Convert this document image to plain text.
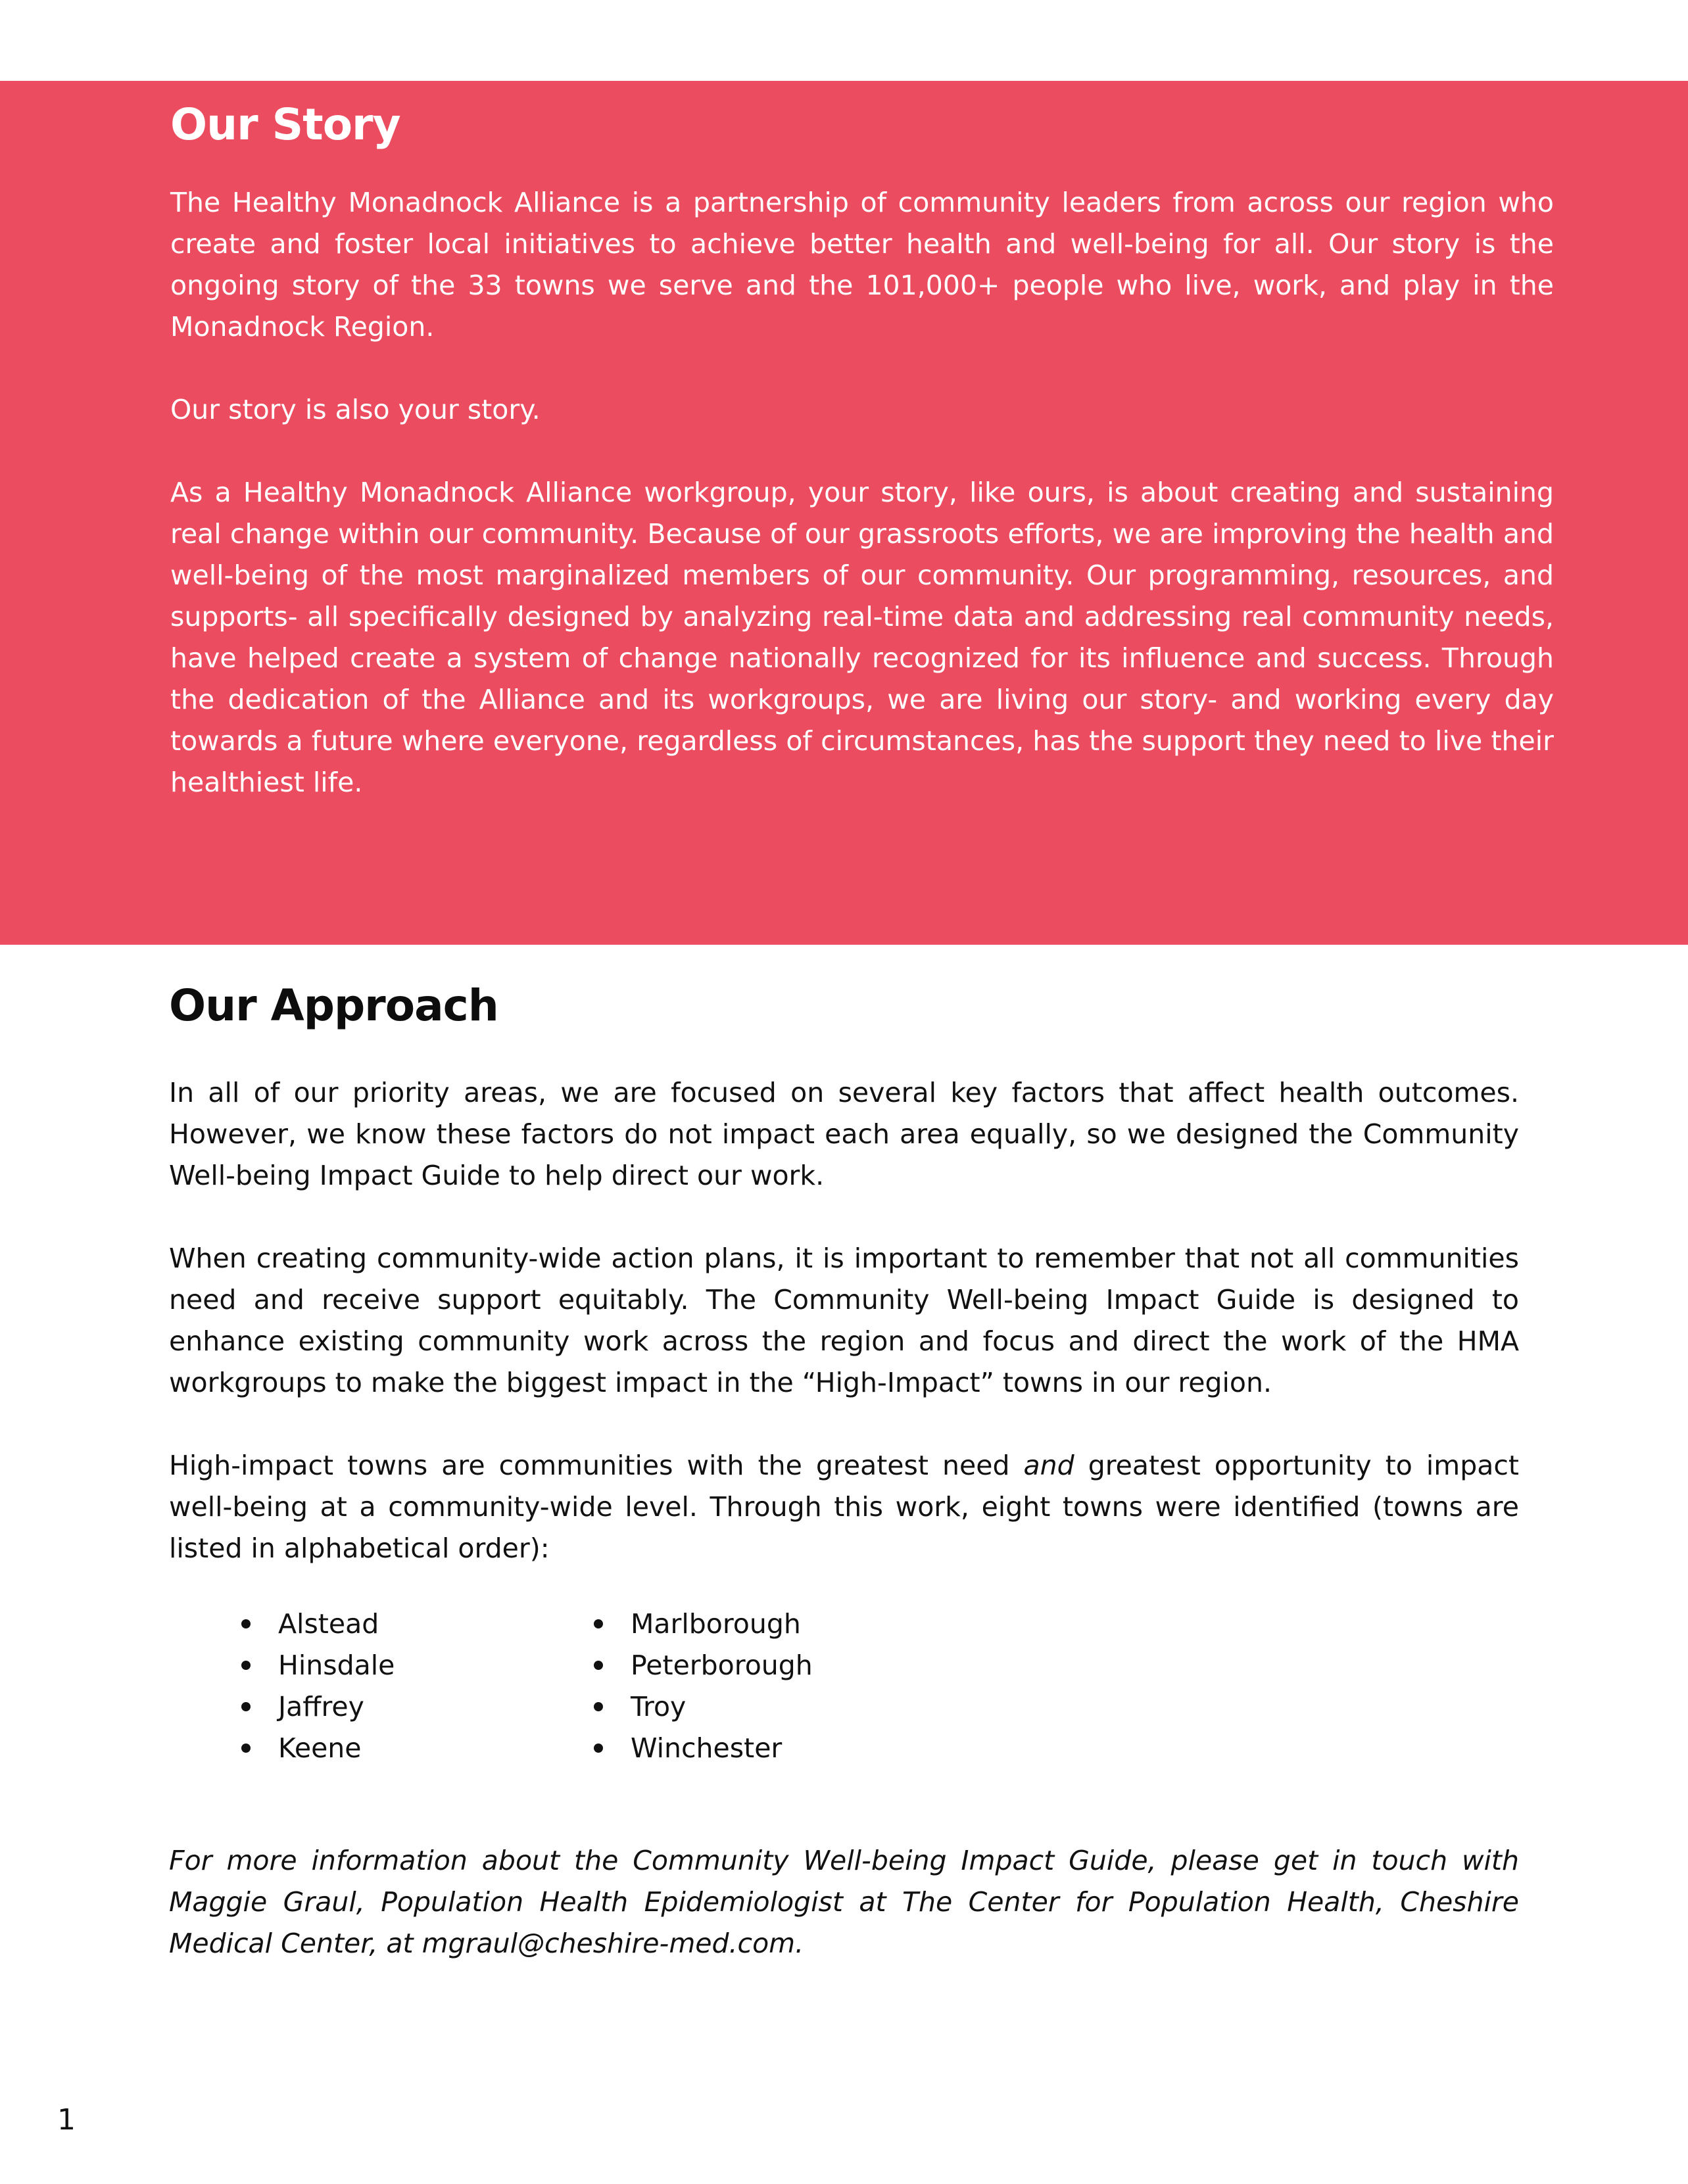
Our Story

The Healthy Monadnock Alliance is a partnership of community leaders from across our region who create and foster local initiatives to achieve better health and well-being for all. Our story is the ongoing story of the 33 towns we serve and the 101,000+ people who live, work, and play in the Monadnock Region.

Our story is also your story.

As a Healthy Monadnock Alliance workgroup, your story, like ours, is about creating and sustaining real change within our community. Because of our grassroots efforts, we are improving the health and well-being of the most marginalized members of our community. Our programming, resources, and supports- all specifically designed by analyzing real-time data and addressing real community needs, have helped create a system of change nationally recognized for its influence and success. Through the dedication of the Alliance and its workgroups, we are living our story- and working every day towards a future where everyone, regardless of circumstances, has the support they need to live their healthiest life.

Our Approach

In all of our priority areas, we are focused on several key factors that affect health outcomes. However, we know these factors do not impact each area equally, so we designed the Community Well-being Impact Guide to help direct our work.

When creating community-wide action plans, it is important to remember that not all communities need and receive support equitably. The Community Well-being Impact Guide is designed to enhance existing community work across the region and focus and direct the work of the HMA workgroups to make the biggest impact in the “High-Impact” towns in our region.

High-impact towns are communities with the greatest need and greatest opportunity to impact well-being at a community-wide level. Through this work, eight towns were identified (towns are listed in alphabetical order):

Alstead
Hinsdale
Jaffrey
Keene
Marlborough
Peterborough
Troy
Winchester

For more information about the Community Well-being Impact Guide, please get in touch with Maggie Graul, Population Health Epidemiologist at The Center for Population Health, Cheshire Medical Center, at mgraul@cheshire-med.com.

1
